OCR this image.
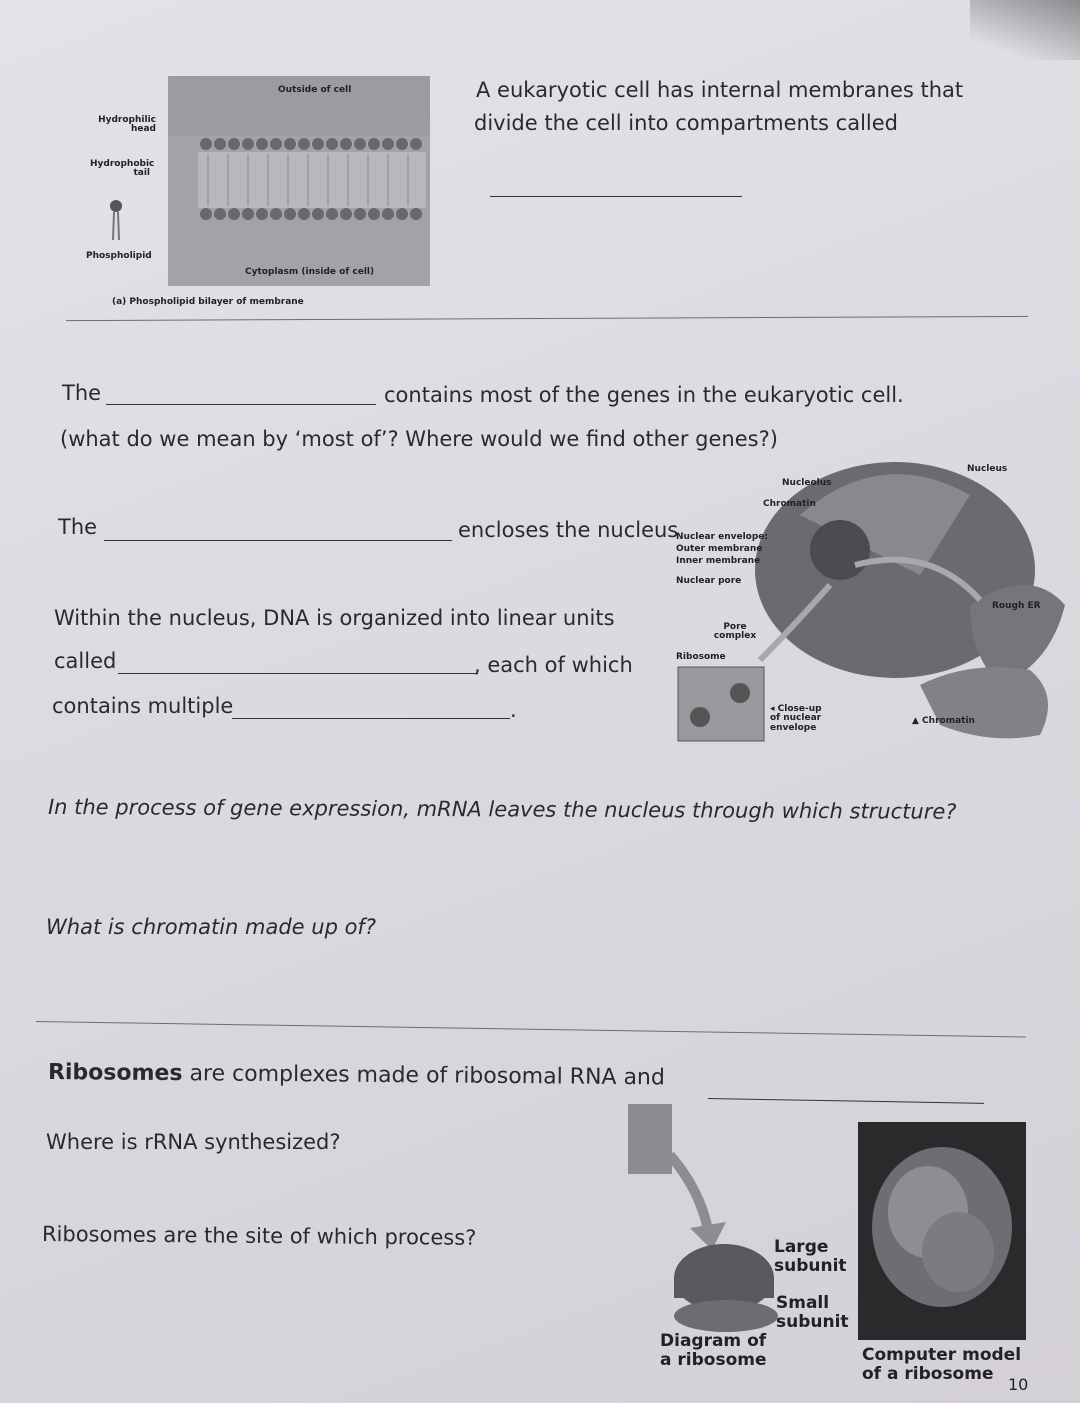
Outside of cell
Hydrophilic head
Hydrophobic tail
Phospholipid
Cytoplasm (inside of cell)
(a) Phospholipid bilayer of membrane
A eukaryotic cell has internal membranes that
divide the cell into compartments called
The	contains most of the genes in the eukaryotic cell.
(what do we mean by ‘most of’? Where would we find other genes?)
The	encloses the nucleus
Within the nucleus, DNA is organized into linear units
called	, each of which
contains multiple	.
Nucleus
Nucleolus
Chromatin
Nuclear envelope:
Outer membrane
Inner membrane
Nuclear pore
Rough ER
Pore complex
Ribosome
◂ Close-up of nuclear envelope
▲ Chromatin
In the process of gene expression, mRNA leaves the nucleus through which structure?
What is chromatin made up of?
Ribosomes are complexes made of ribosomal RNA and
Where is rRNA synthesized?
Ribosomes are the site of which process?	Large subunit
Small subunit
Diagram of a ribosome	Computer model of a ribosome
10
